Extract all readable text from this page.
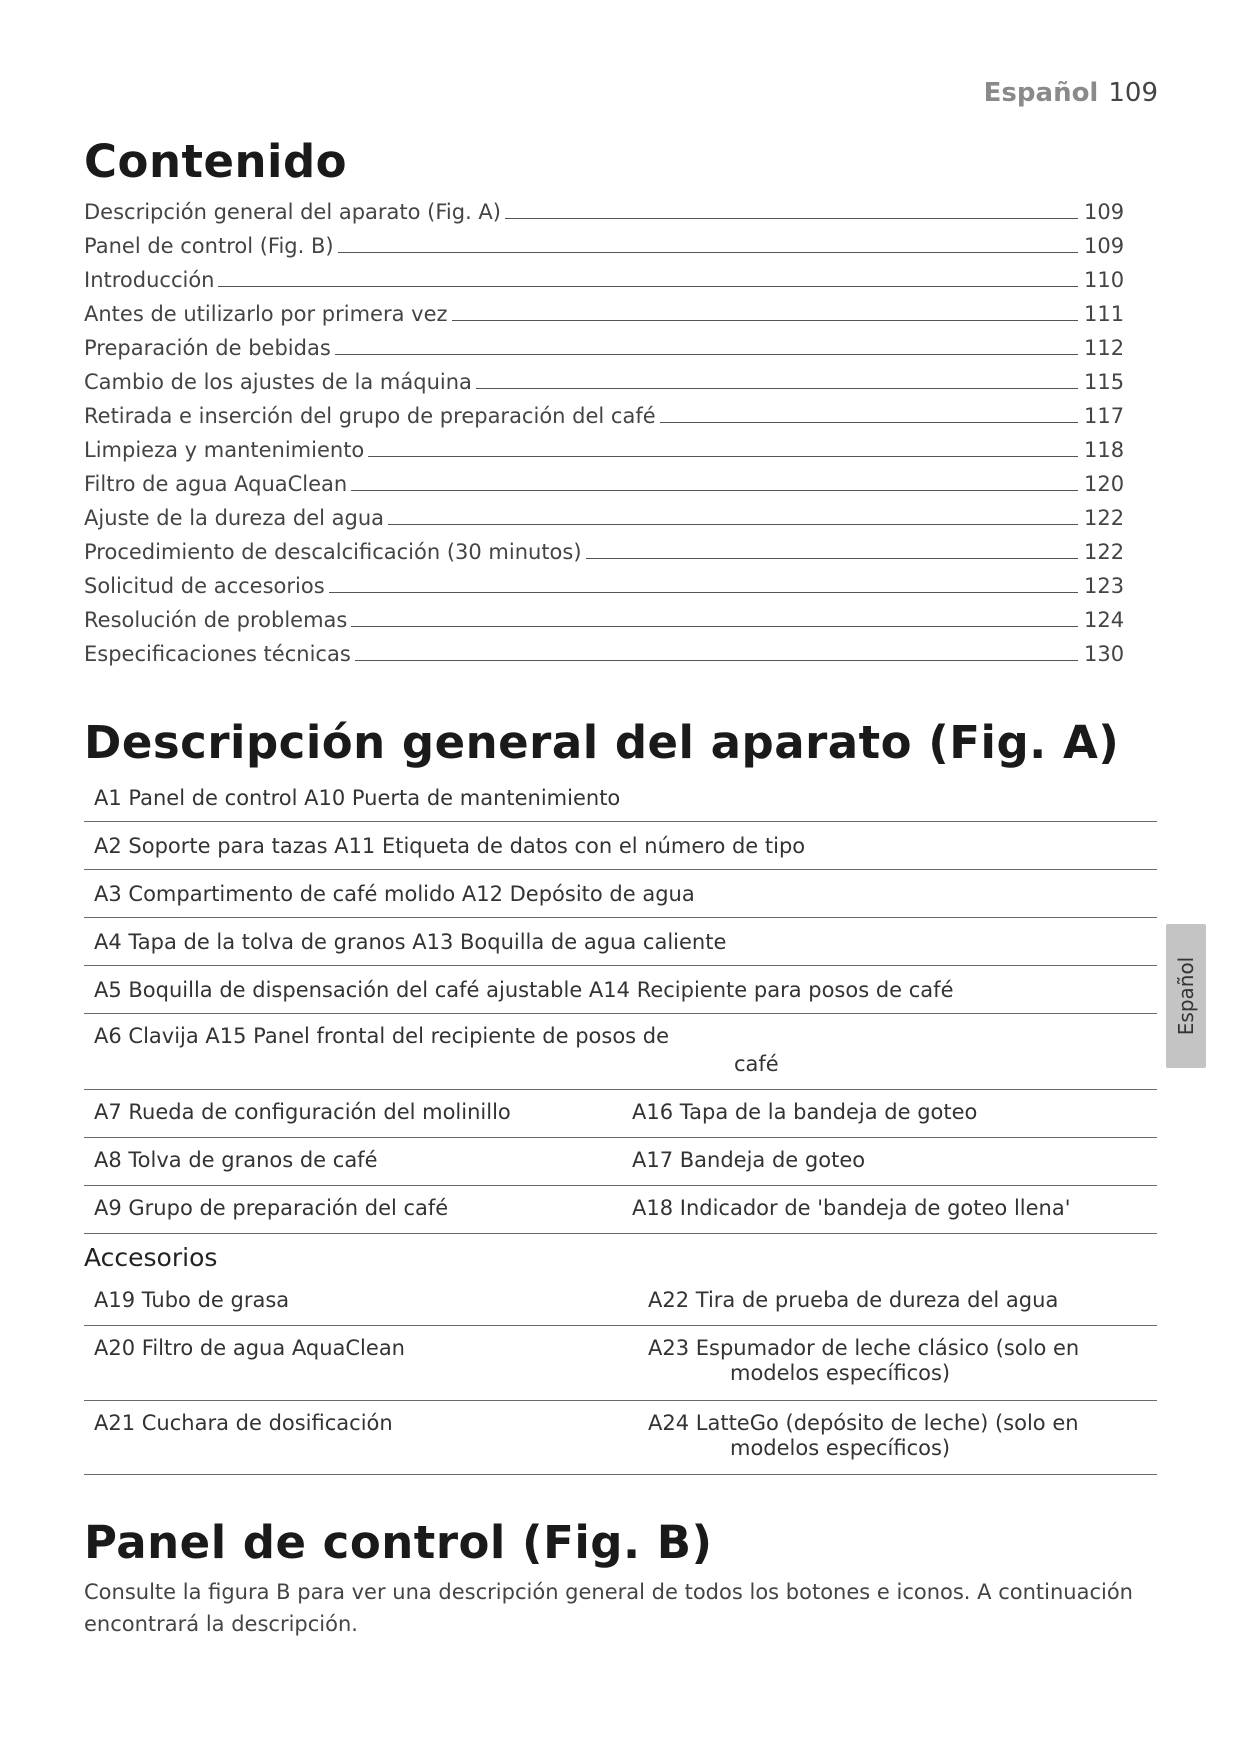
Español 109
Español
Contenido
Descripción general del aparato (Fig. A)	109
Panel de control (Fig. B)	109
Introducción	110
Antes de utilizarlo por primera vez	111
Preparación de bebidas	112
Cambio de los ajustes de la máquina	115
Retirada e inserción del grupo de preparación del café	117
Limpieza y mantenimiento	118
Filtro de agua AquaClean	120
Ajuste de la dureza del agua	122
Procedimiento de descalcificación (30 minutos)	122
Solicitud de accesorios	123
Resolución de problemas	124
Especificaciones técnicas	130
Descripción general del aparato (Fig. A)
A1 Panel de control A10 Puerta de mantenimiento
A2 Soporte para tazas A11 Etiqueta de datos con el número de tipo
A3 Compartimento de café molido A12 Depósito de agua
A4 Tapa de la tolva de granos A13 Boquilla de agua caliente
A5 Boquilla de dispensación del café ajustable A14 Recipiente para posos de café
A6 Clavija A15 Panel frontal del recipiente de posos de
café
A7 Rueda de configuración del molinillo	A16 Tapa de la bandeja de goteo
A8 Tolva de granos de café	A17 Bandeja de goteo
A9 Grupo de preparación del café	A18 Indicador de 'bandeja de goteo llena'
Accesorios
A19 Tubo de grasa	A22 Tira de prueba de dureza del agua
A20 Filtro de agua AquaClean	A23 Espumador de leche clásico (solo en
modelos específicos)
A21 Cuchara de dosificación	A24 LatteGo (depósito de leche) (solo en
modelos específicos)
Panel de control (Fig. B)

Consulte la figura B para ver una descripción general de todos los botones e iconos. A continuación

encontrará la descripción.
